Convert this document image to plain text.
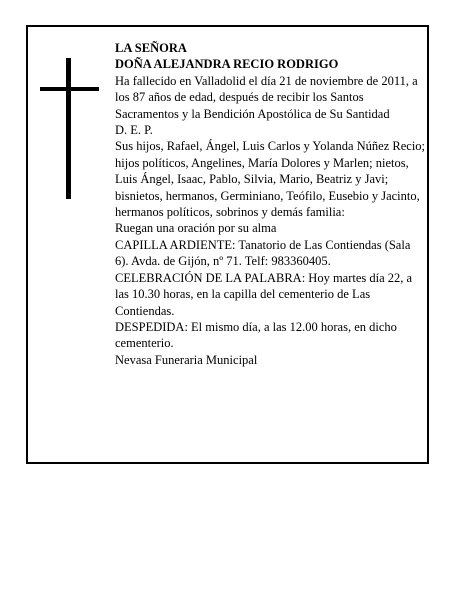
LA SEÑORA
DOÑA ALEJANDRA RECIO RODRIGO
Ha fallecido en Valladolid el día 21 de noviembre de 2011, a los 87 años de edad, después de recibir los Santos Sacramentos y la Bendición Apostólica de Su Santidad
D. E. P.
Sus hijos, Rafael, Ángel, Luis Carlos y Yolanda Núñez Recio; hijos políticos, Angelines, María Dolores y Marlen; nietos, Luis Ángel, Isaac, Pablo, Silvia, Mario, Beatriz y Javi; bisnietos, hermanos, Germiniano, Teófilo, Eusebio y Jacinto, hermanos políticos, sobrinos y demás familia:
Ruegan una oración por su alma
CAPILLA ARDIENTE: Tanatorio de Las Contiendas (Sala 6). Avda. de Gijón, nº 71. Telf: 983360405.
CELEBRACIÓN DE LA PALABRA: Hoy martes día 22, a las 10.30 horas, en la capilla del cementerio de Las Contiendas.
DESPEDIDA: El mismo día, a las 12.00 horas, en dicho cementerio.
Nevasa Funeraria Municipal
